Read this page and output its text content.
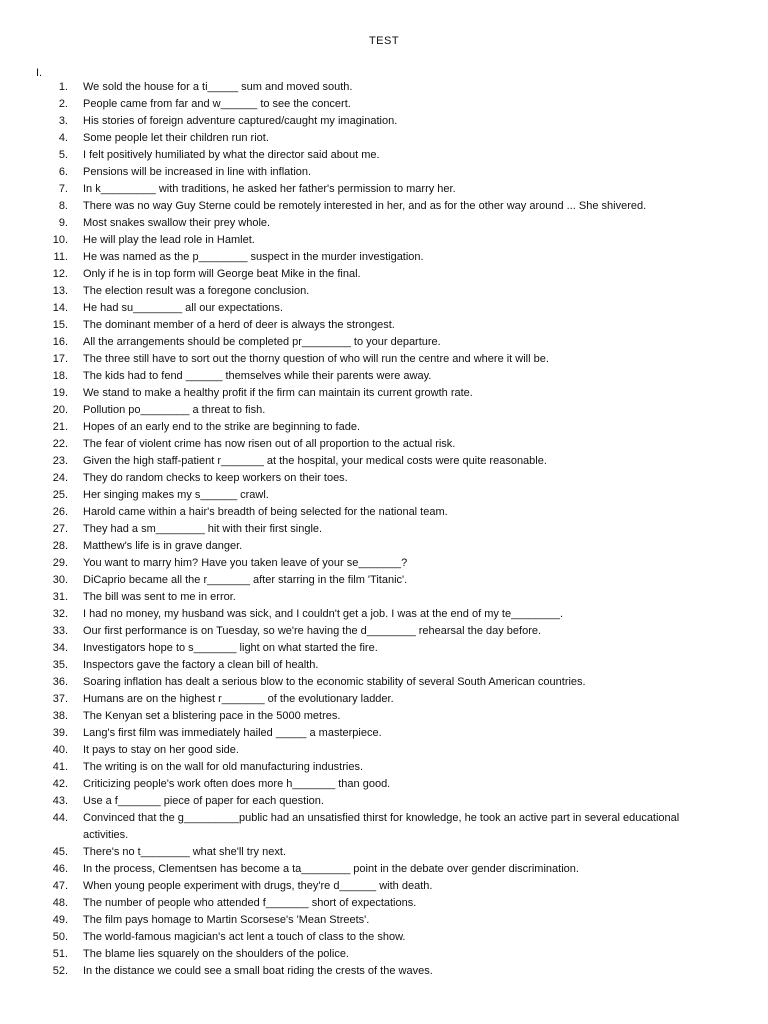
TEST
I.
1. We sold the house for a ti_____ sum and moved south.
2. People came from far and w______ to see the concert.
3. His stories of foreign adventure captured/caught my imagination.
4. Some people let their children run riot.
5. I felt positively humiliated by what the director said about me.
6. Pensions will be increased in line with inflation.
7. In k_________ with traditions, he asked her father's permission to marry her.
8. There was no way Guy Sterne could be remotely interested in her, and as for the other way around ... She shivered.
9. Most snakes swallow their prey whole.
10. He will play the lead role in Hamlet.
11. He was named as the p________ suspect in the murder investigation.
12. Only if he is in top form will George beat Mike in the final.
13. The election result was a foregone conclusion.
14. He had su________ all our expectations.
15. The dominant member of a herd of deer is always the strongest.
16. All the arrangements should be completed pr________ to your departure.
17. The three still have to sort out the thorny question of who will run the centre and where it will be.
18. The kids had to fend ______ themselves while their parents were away.
19. We stand to make a healthy profit if the firm can maintain its current growth rate.
20. Pollution po________ a threat to fish.
21. Hopes of an early end to the strike are beginning to fade.
22. The fear of violent crime has now risen out of all proportion to the actual risk.
23. Given the high staff-patient r_______ at the hospital, your medical costs were quite reasonable.
24. They do random checks to keep workers on their toes.
25. Her singing makes my s______ crawl.
26. Harold came within a hair's breadth of being selected for the national team.
27. They had a sm________ hit with their first single.
28. Matthew's life is in grave danger.
29. You want to marry him? Have you taken leave of your se_______?
30. DiCaprio became all the r_______ after starring in the film 'Titanic'.
31. The bill was sent to me in error.
32. I had no money, my husband was sick, and I couldn't get a job. I was at the end of my te________.
33. Our first performance is on Tuesday, so we're having the d________ rehearsal the day before.
34. Investigators hope to s_______ light on what started the fire.
35. Inspectors gave the factory a clean bill of health.
36. Soaring inflation has dealt a serious blow to the economic stability of several South American countries.
37. Humans are on the highest r_______ of the evolutionary ladder.
38. The Kenyan set a blistering pace in the 5000 metres.
39. Lang's first film was immediately hailed _____ a masterpiece.
40. It pays to stay on her good side.
41. The writing is on the wall for old manufacturing industries.
42. Criticizing people's work often does more h_______ than good.
43. Use a f_______ piece of paper for each question.
44. Convinced that the g_________public had an unsatisfied thirst for knowledge, he took an active part in several educational activities.
45. There's no t________ what she'll try next.
46. In the process, Clementsen has become a ta________ point in the debate over gender discrimination.
47. When young people experiment with drugs, they're d______ with death.
48. The number of people who attended f_______ short of expectations.
49. The film pays homage to Martin Scorsese's 'Mean Streets'.
50. The world-famous magician's act lent a touch of class to the show.
51. The blame lies squarely on the shoulders of the police.
52. In the distance we could see a small boat riding the crests of the waves.
